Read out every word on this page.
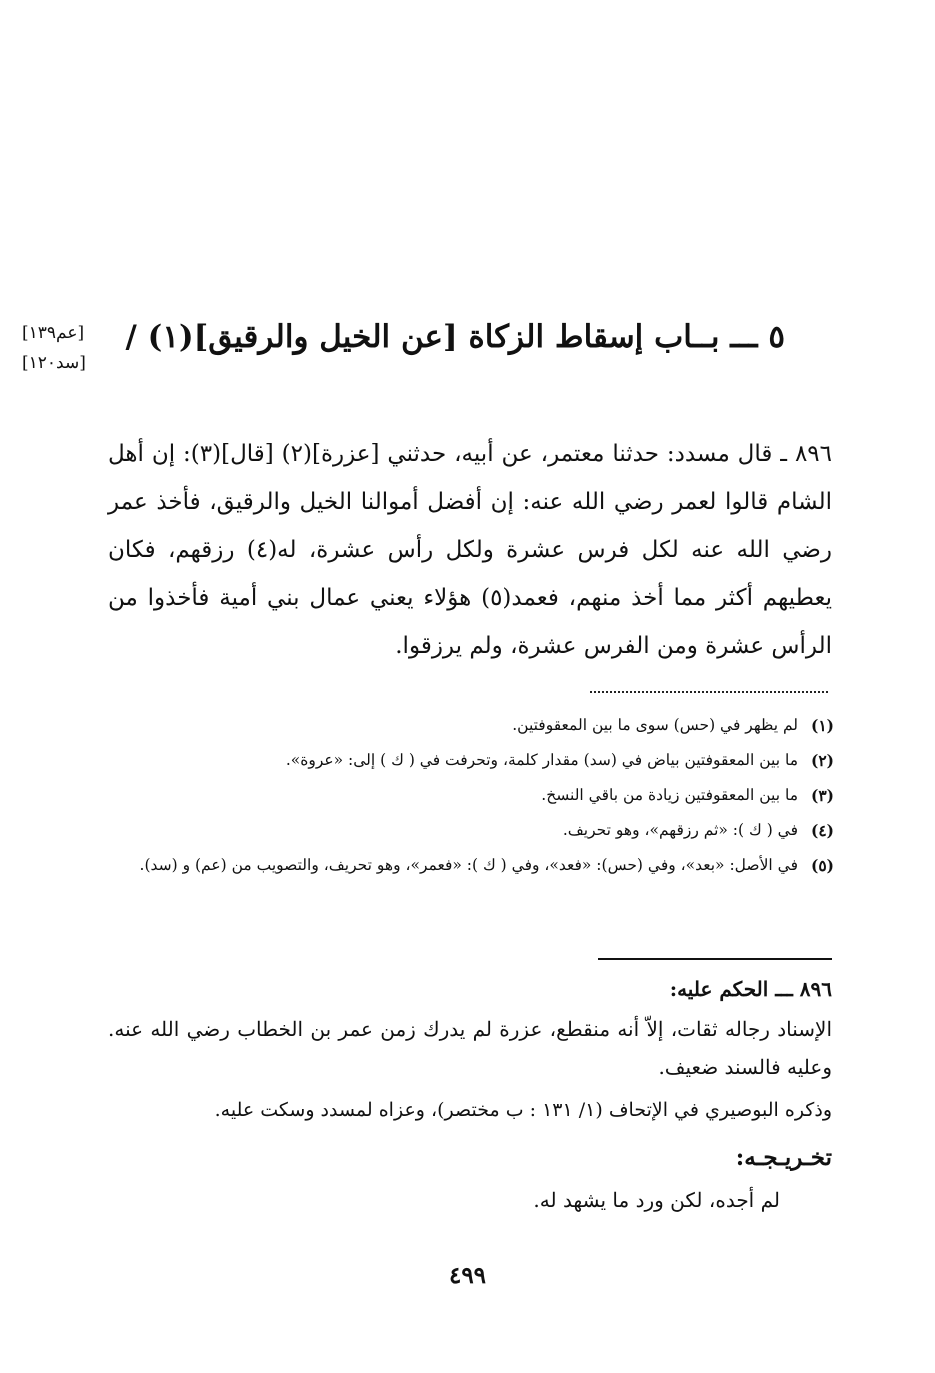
[عم١٣٩]
[سد١٢٠]
٥ ـــ بــاب إسقاط الزكاة [عن الخيل والرقيق](١) /

٨٩٦ ـ قال مسدد: حدثنا معتمر، عن أبيه، حدثني [عزرة](٢) [قال](٣): إن أهل الشام قالوا لعمر رضي الله عنه: إن أفضل أموالنا الخيل والرقيق، فأخذ عمر رضي الله عنه لكل فرس عشرة ولكل رأس عشرة، له(٤) رزقهم، فكان يعطيهم أكثر مما أخذ منهم، فعمد(٥) هؤلاء يعني عمال بني أمية فأخذوا من الرأس عشرة ومن الفرس عشرة، ولم يرزقوا.

(١)
لم يظهر في (حس) سوى ما بين المعقوفتين.
(٢)
ما بين المعقوفتين بياض في (سد) مقدار كلمة، وتحرفت في ( ك ) إلى: «عروة».
(٣)
ما بين المعقوفتين زيادة من باقي النسخ.
(٤)
في ( ك ): «ثم رزقهم»، وهو تحريف.
(٥)
في الأصل: «بعد»، وفي (حس): «فعد»، وفي ( ك ): «فعمر»، وهو تحريف، والتصويب من (عم) و (سد).
٨٩٦ ـــ الحكم عليه:

الإسناد رجاله ثقات، إلاّ أنه منقطع، عزرة لم يدرك زمن عمر بن الخطاب رضي الله عنه. وعليه فالسند ضعيف.

وذكره البوصيري في الإتحاف (١/ ١٣١ : ب مختصر)، وعزاه لمسدد وسكت عليه.

تخـريـجـه:

لم أجده، لكن ورد ما يشهد له.

٤٩٩
